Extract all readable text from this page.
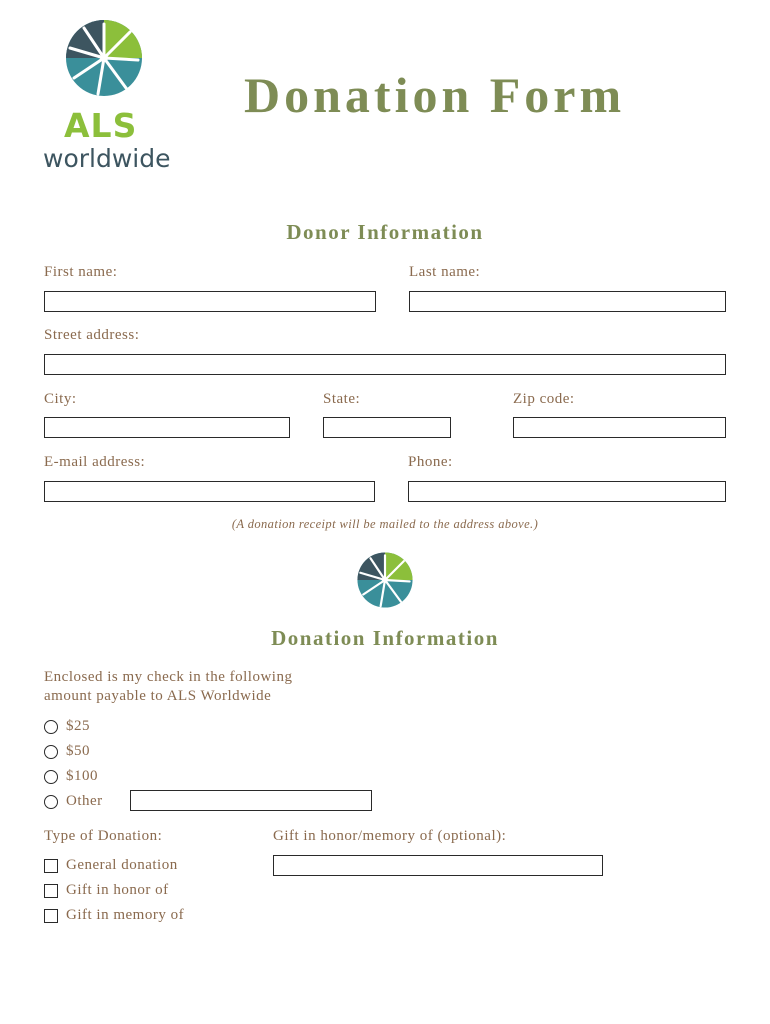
ALS
worldwide
Donation Form
Donor Information
First name:	Last name:
Street address:
City:	State:	Zip code:
E-mail address:	Phone:
(A donation receipt will be mailed to the address above.)
Donation Information
Enclosed is my check in the following
amount payable to ALS Worldwide
$25
$50
$100
Other
Type of Donation:	Gift in honor/memory of (optional):
General donation
Gift in honor of
Gift in memory of
